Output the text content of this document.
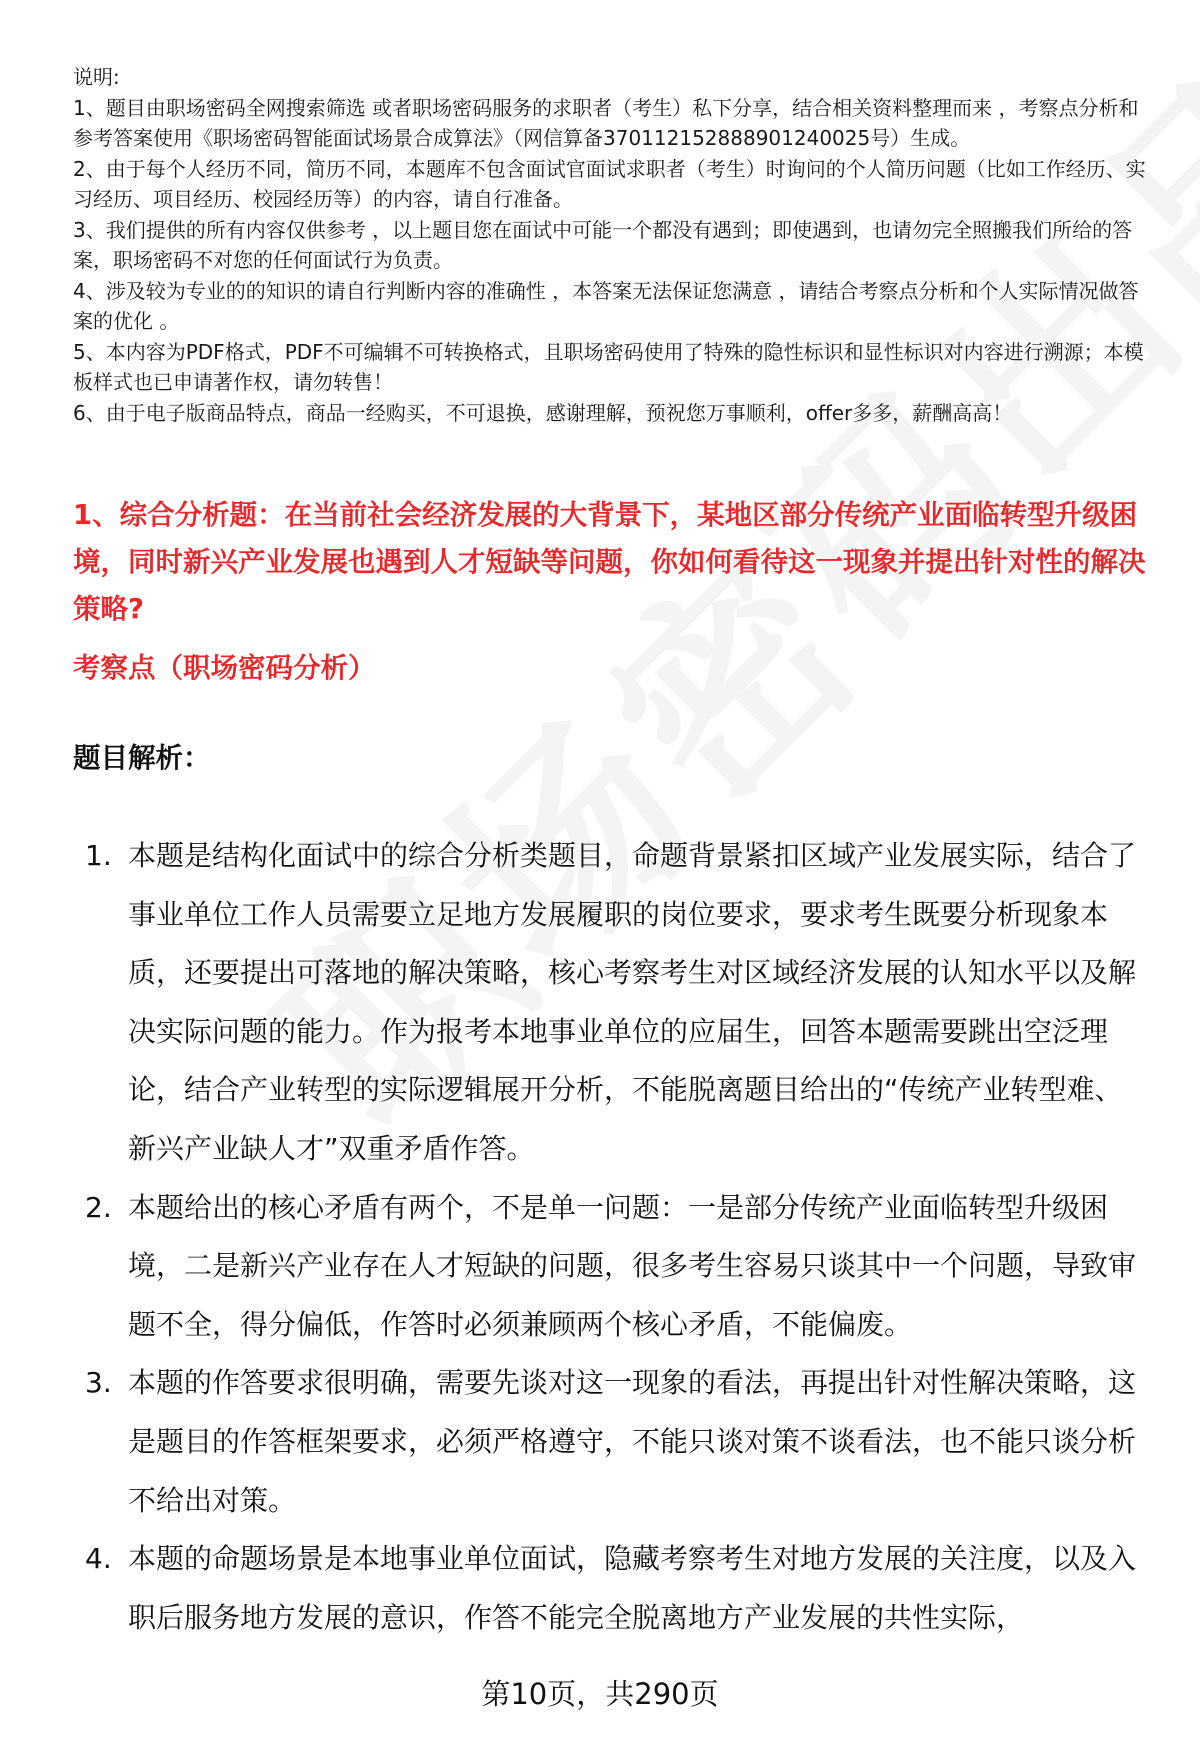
说明:

1、题目由职场密码全网搜索筛选 或者职场密码服务的求职者（考生）私下分享，结合相关资料整理而来 ，考察点分析和参考答案使用《职场密码智能面试场景合成算法》（网信算备370112152888901240025号）生成。

2、由于每个人经历不同，简历不同，本题库不包含面试官面试求职者（考生）时询问的个人简历问题（比如工作经历、实习经历、项目经历、校园经历等）的内容，请自行准备。

3、我们提供的所有内容仅供参考 ，以上题目您在面试中可能一个都没有遇到；即使遇到，也请勿完全照搬我们所给的答案，职场密码不对您的任何面试行为负责。

4、涉及较为专业的的知识的请自行判断内容的准确性 ，本答案无法保证您满意 ，请结合考察点分析和个人实际情况做答案的优化 。

5、本内容为PDF格式，PDF不可编辑不可转换格式，且职场密码使用了特殊的隐性标识和显性标识对内容进行溯源；本模板样式也已申请著作权，请勿转售！

6、由于电子版商品特点，商品一经购买，不可退换，感谢理解，预祝您万事顺利，offer多多，薪酬高高！

1、综合分析题：在当前社会经济发展的大背景下，某地区部分传统产业面临转型升级困境，同时新兴产业发展也遇到人才短缺等问题，你如何看待这一现象并提出针对性的解决策略?
考察点（职场密码分析）
题目解析：
1. 本题是结构化面试中的综合分析类题目，命题背景紧扣区域产业发展实际，结合了事业单位工作人员需要立足地方发展履职的岗位要求，要求考生既要分析现象本质，还要提出可落地的解决策略，核心考察考生对区域经济发展的认知水平以及解决实际问题的能力。作为报考本地事业单位的应届生，回答本题需要跳出空泛理论，结合产业转型的实际逻辑展开分析，不能脱离题目给出的“传统产业转型难、新兴产业缺人才”双重矛盾作答。
2. 本题给出的核心矛盾有两个，不是单一问题：一是部分传统产业面临转型升级困境，二是新兴产业存在人才短缺的问题，很多考生容易只谈其中一个问题，导致审题不全，得分偏低，作答时必须兼顾两个核心矛盾，不能偏废。
3. 本题的作答要求很明确，需要先谈对这一现象的看法，再提出针对性解决策略，这是题目的作答框架要求，必须严格遵守，不能只谈对策不谈看法，也不能只谈分析不给出对策。
4. 本题的命题场景是本地事业单位面试，隐藏考察考生对地方发展的关注度，以及入职后服务地方发展的意识，作答不能完全脱离地方产业发展的共性实际，
第10页，共290页
